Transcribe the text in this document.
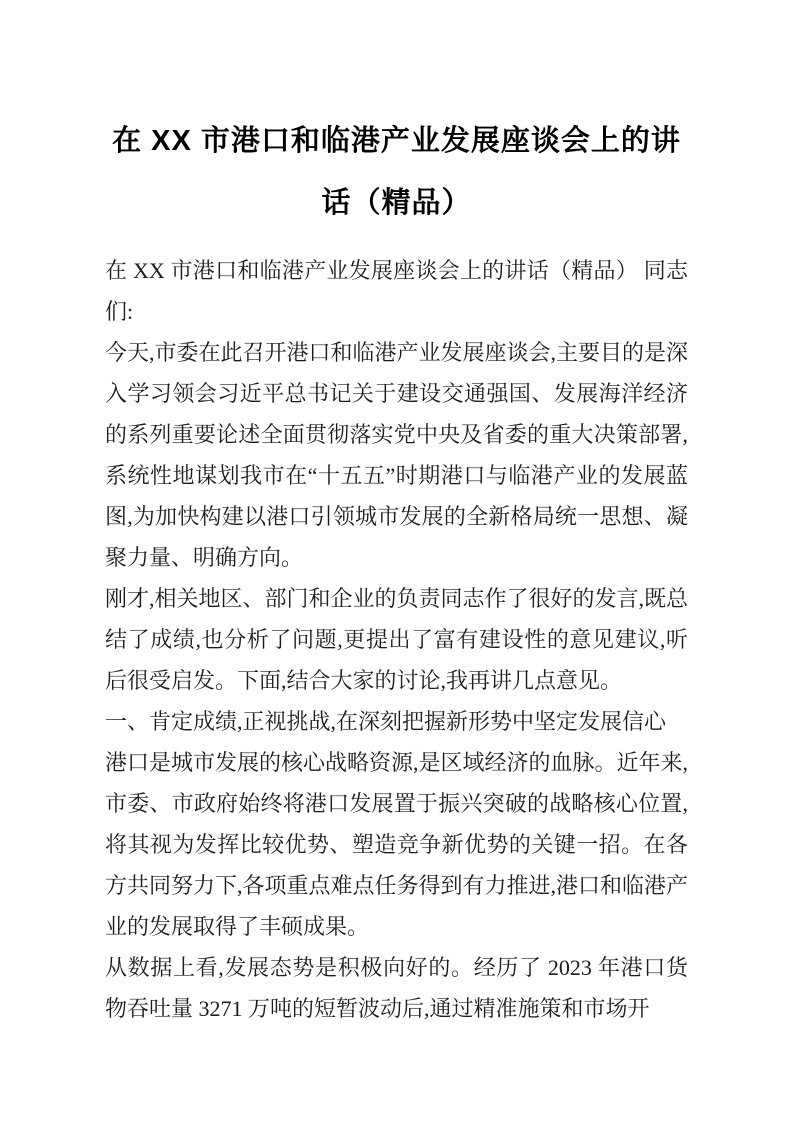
在 XX 市港口和临港产业发展座谈会上的讲
话（精品）

在 XX 市港口和临港产业发展座谈会上的讲话（精品） 同志们:

今天,市委在此召开港口和临港产业发展座谈会,主要目的是深入学习领会习近平总书记关于建设交通强国、发展海洋经济的系列重要论述全面贯彻落实党中央及省委的重大决策部署,系统性地谋划我市在“十五五”时期港口与临港产业的发展蓝图,为加快构建以港口引领城市发展的全新格局统一思想、凝聚力量、明确方向。

刚才,相关地区、部门和企业的负责同志作了很好的发言,既总结了成绩,也分析了问题,更提出了富有建设性的意见建议,听后很受启发。下面,结合大家的讨论,我再讲几点意见。

一、肯定成绩,正视挑战,在深刻把握新形势中坚定发展信心

港口是城市发展的核心战略资源,是区域经济的血脉。近年来,市委、市政府始终将港口发展置于振兴突破的战略核心位置,将其视为发挥比较优势、塑造竞争新优势的关键一招。在各方共同努力下,各项重点难点任务得到有力推进,港口和临港产业的发展取得了丰硕成果。

从数据上看,发展态势是积极向好的。经历了 2023 年港口货物吞吐量 3271 万吨的短暂波动后,通过精准施策和市场开
